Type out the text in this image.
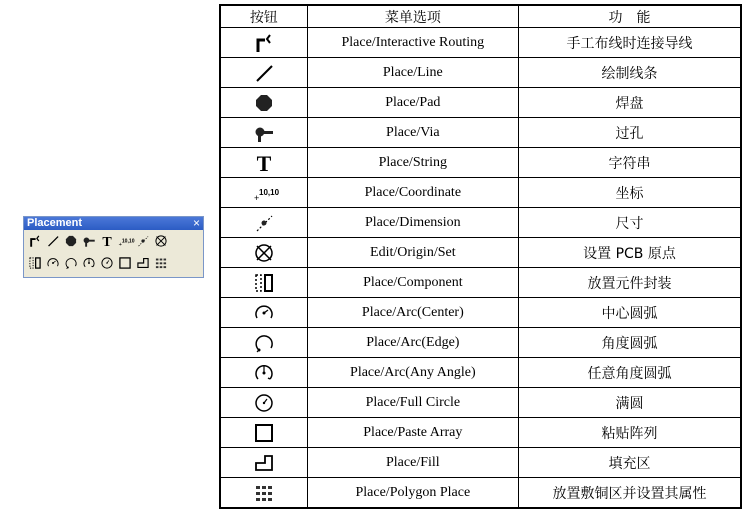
Placement	×
T +
10,10
按钮	菜单选项	功　能

	Place/Interactive Routing	手工布线时连接导线

	Place/Line	绘制线条

	Place/Pad	焊盘

	Place/Via	过孔

T	Place/String	字符串

+
10,10	Place/Coordinate	坐标

	Place/Dimension	尺寸

	Edit/Origin/Set	设置 PCB 原点

	Place/Component	放置元件封装

	Place/Arc(Center)	中心圆弧

	Place/Arc(Edge)	角度圆弧

	Place/Arc(Any Angle)	任意角度圆弧

	Place/Full Circle	满圆

	Place/Paste Array	粘贴阵列

	Place/Fill	填充区

	Place/Polygon Place	放置敷铜区并设置其属性
